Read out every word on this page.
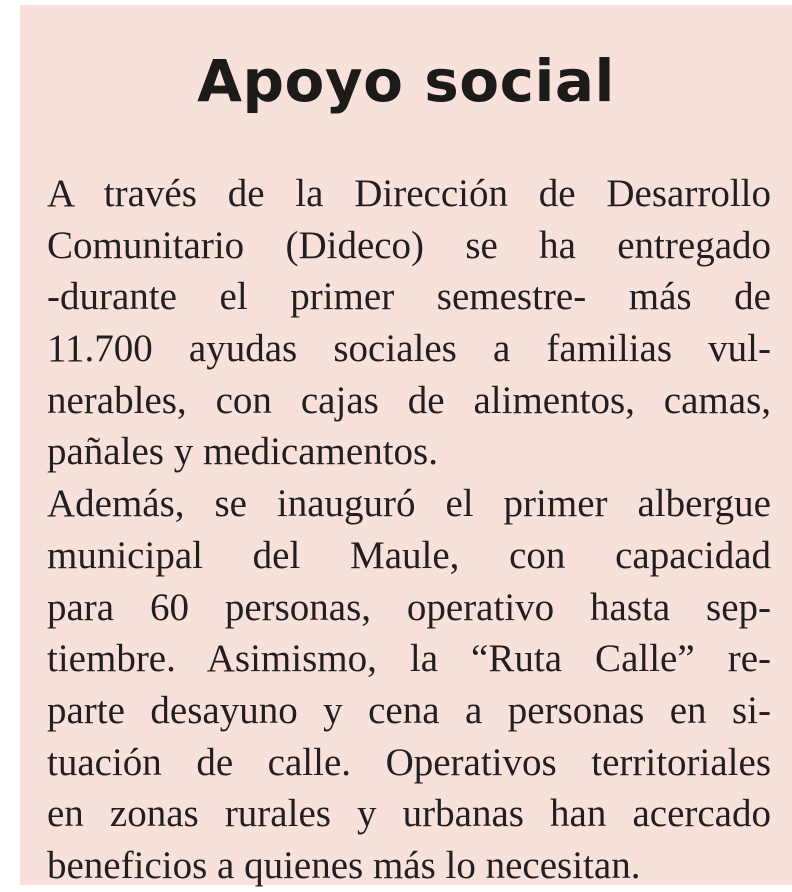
Apoyo social
A través de la Dirección de Desarrollo
Comunitario (Dideco) se ha entregado
-durante el primer semestre- más de
11.700 ayudas sociales a familias vul-
nerables, con cajas de alimentos, camas,
pañales y medicamentos.
Además, se inauguró el primer albergue
municipal del Maule, con capacidad
para 60 personas, operativo hasta sep-
tiembre. Asimismo, la “Ruta Calle” re-
parte desayuno y cena a personas en si-
tuación de calle. Operativos territoriales
en zonas rurales y urbanas han acercado
beneficios a quienes más lo necesitan.
